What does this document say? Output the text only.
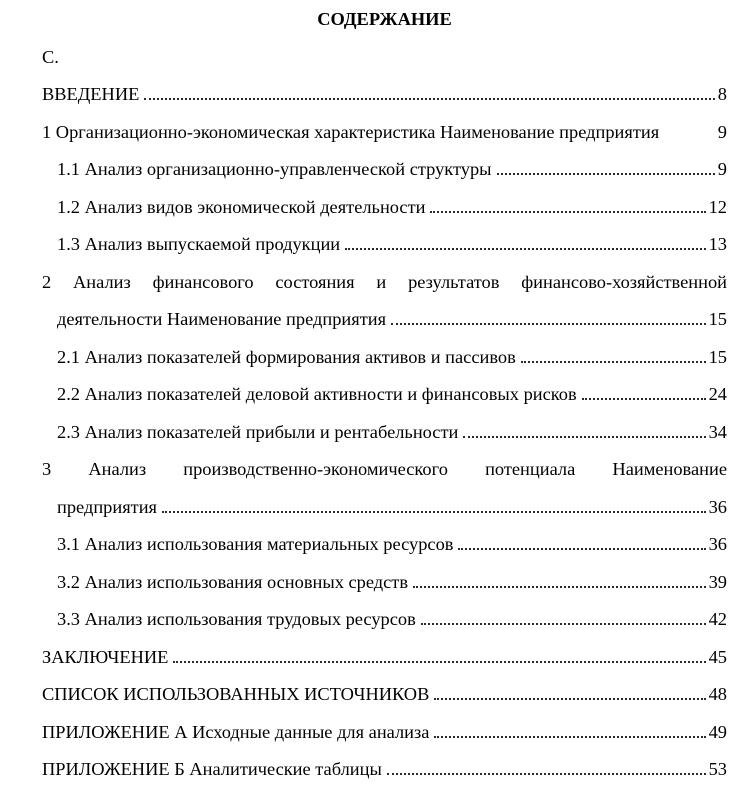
СОДЕРЖАНИЕ
С.
ВВЕДЕНИЕ	8
1 Организационно-экономическая характеристика Наименование предприятия	9
1.1 Анализ организационно-управленческой структуры	9
1.2 Анализ видов экономической деятельности	12
1.3 Анализ выпускаемой продукции	13
2 Анализ финансового состояния и результатов финансово-хозяйственной
деятельности Наименование предприятия	15
2.1 Анализ показателей формирования активов и пассивов	15
2.2 Анализ показателей деловой активности и финансовых рисков	24
2.3 Анализ показателей прибыли и рентабельности	34
3 Анализ производственно-экономического потенциала Наименование
предприятия	36
3.1 Анализ использования материальных ресурсов	36
3.2 Анализ использования основных средств	39
3.3 Анализ использования трудовых ресурсов	42
ЗАКЛЮЧЕНИЕ	45
СПИСОК ИСПОЛЬЗОВАННЫХ ИСТОЧНИКОВ	48
ПРИЛОЖЕНИЕ А Исходные данные для анализа	49
ПРИЛОЖЕНИЕ Б Аналитические таблицы	53
